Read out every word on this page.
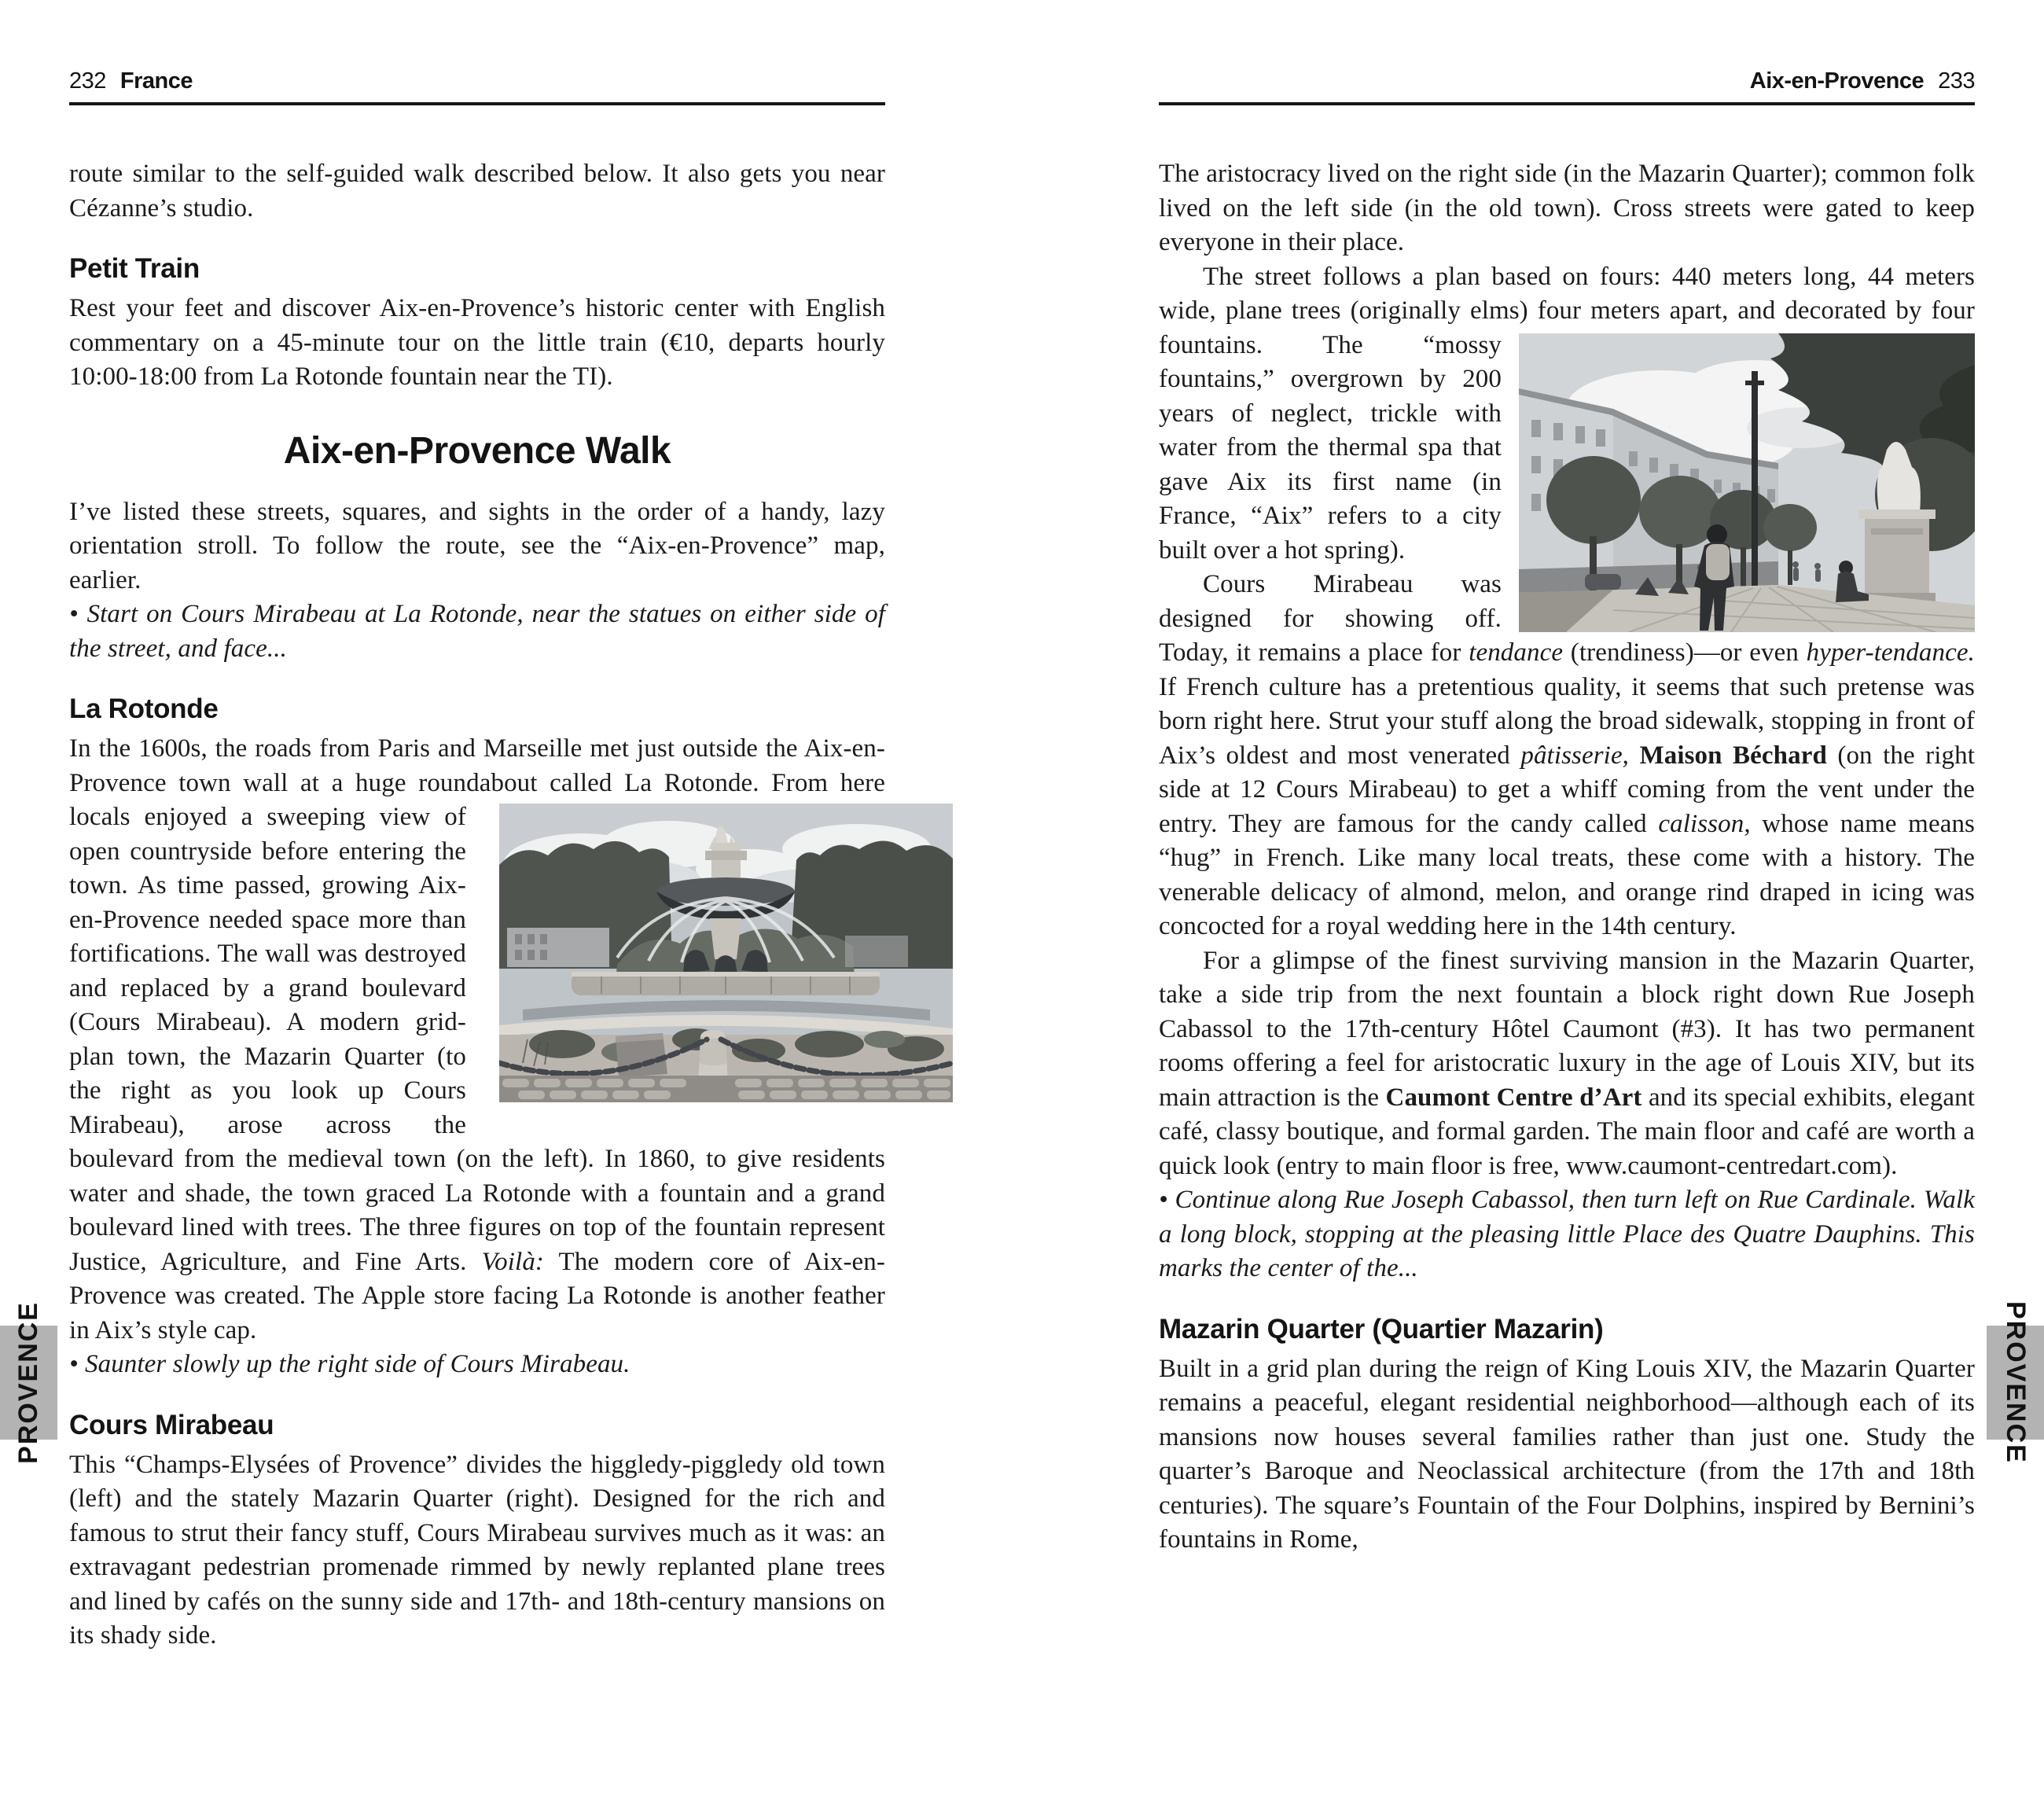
PROVENCE	PROVENCE
232 France

route similar to the self-guided walk described below. It also gets you near Cézanne’s studio.

Petit Train

Rest your feet and discover Aix-en-Provence’s historic center with English commentary on a 45-minute tour on the little train (€10, departs hourly 10:00-18:00 from La Rotonde fountain near the TI).

Aix-en-Provence Walk

I’ve listed these streets, squares, and sights in the order of a handy, lazy orientation stroll. To follow the route, see the “Aix-en-Provence” map, earlier.

• Start on Cours Mirabeau at La Rotonde, near the statues on either side of the street, and face...

La Rotonde

In the 1600s, the roads from Paris and Marseille met just outside the Aix-en-Provence town wall at a huge roundabout called La
Rotonde. From here locals enjoyed a sweeping view of open countryside before entering the town. As time passed, growing Aix-en-Provence needed space more than fortifications. The wall was destroyed and replaced by a grand boulevard (Cours Mirabeau). A modern grid-plan town, the Mazarin Quarter (to the right as you look up Cours Mirabeau), arose across the boulevard from the medieval town (on the left). In 1860, to give residents water and shade, the town graced La Rotonde with a fountain and a grand boulevard lined with trees. The three figures on top of the fountain represent Justice, Agriculture, and Fine Arts. Voilà: The modern core of Aix-en-Provence was created. The Apple store facing La Rotonde is another feather in Aix’s style cap.

• Saunter slowly up the right side of Cours Mirabeau.

Cours Mirabeau

This “Champs-Elysées of Provence” divides the higgledy-piggledy old town (left) and the stately Mazarin Quarter (right). Designed for the rich and famous to strut their fancy stuff, Cours Mirabeau survives much as it was: an extravagant pedestrian promenade rimmed by newly replanted plane trees and lined by cafés on the sunny side and 17th- and 18th-century mansions on its shady side.

Aix-en-Provence 233

The aristocracy lived on the right side (in the Mazarin Quarter); common folk lived on the left side (in the old town). Cross streets were gated to keep everyone in their place.

The street follows a plan based on fours: 440 meters long, 44 meters wide, plane trees (originally elms) four meters apart, and
decorated by four fountains. The “mossy fountains,” overgrown by 200 years of neglect, trickle with water from the thermal spa that gave Aix its first name (in France, “Aix” refers to a city built over a hot spring).

Cours Mirabeau was designed for showing off. Today, it remains a place for tendance (trendiness)—or even hyper-tendance. If French culture has a pretentious quality, it seems that such pretense was born right here. Strut your stuff along the broad sidewalk, stopping in front of Aix’s oldest and most venerated pâtisserie, Maison Béchard (on the right side at 12 Cours Mirabeau) to get a whiff coming from the vent under the entry. They are famous for the candy called calisson, whose name means “hug” in French. Like many local treats, these come with a history. The venerable delicacy of almond, melon, and orange rind draped in icing was concocted for a royal wedding here in the 14th century.

For a glimpse of the finest surviving mansion in the Mazarin Quarter, take a side trip from the next fountain a block right down Rue Joseph Cabassol to the 17th-century Hôtel Caumont (#3). It has two permanent rooms offering a feel for aristocratic luxury in the age of Louis XIV, but its main attraction is the Caumont Centre d’Art and its special exhibits, elegant café, classy boutique, and formal garden. The main floor and café are worth a quick look (entry to main floor is free, www.caumont-centredart.com).

• Continue along Rue Joseph Cabassol, then turn left on Rue Cardinale. Walk a long block, stopping at the pleasing little Place des Quatre Dauphins. This marks the center of the...

Mazarin Quarter (Quartier Mazarin)

Built in a grid plan during the reign of King Louis XIV, the Mazarin Quarter remains a peaceful, elegant residential neighborhood—although each of its mansions now houses several families rather than just one. Study the quarter’s Baroque and Neoclassical architecture (from the 17th and 18th centuries). The square’s Fountain of the Four Dolphins, inspired by Bernini’s fountains in Rome,
